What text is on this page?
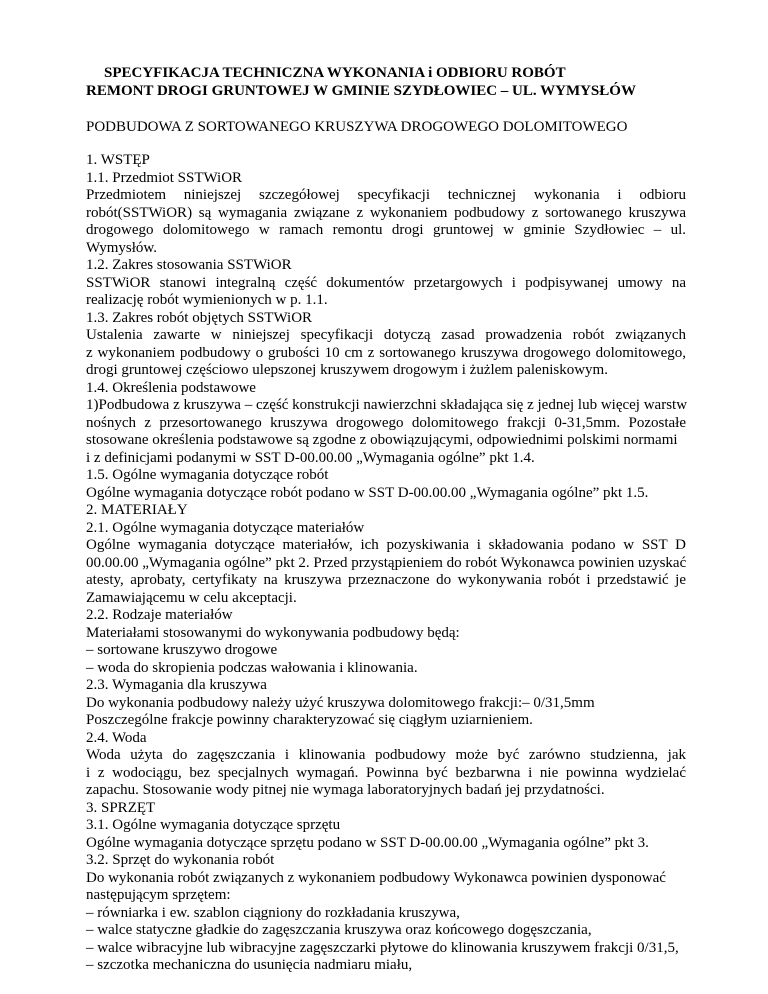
SPECYFIKACJA TECHNICZNA WYKONANIA i ODBIORU ROBÓT

REMONT DROGI GRUNTOWEJ W GMINIE SZYDŁOWIEC – UL. WYMYSŁÓW

PODBUDOWA Z SORTOWANEGO KRUSZYWA DROGOWEGO DOLOMITOWEGO

1. WSTĘP
1.1. Przedmiot SSTWiOR
Przedmiotem niniejszej szczegółowej specyfikacji technicznej wykonania i odbioru
robót(SSTWiOR) są wymagania związane z wykonaniem podbudowy z sortowanego kruszywa
drogowego dolomitowego w ramach remontu drogi gruntowej w gminie Szydłowiec – ul.
Wymysłów.
1.2. Zakres stosowania SSTWiOR
SSTWiOR stanowi integralną część dokumentów przetargowych i podpisywanej umowy na
realizację robót wymienionych w p. 1.1.
1.3. Zakres robót objętych SSTWiOR
Ustalenia zawarte w niniejszej specyfikacji dotyczą zasad prowadzenia robót związanych
z wykonaniem podbudowy o grubości 10 cm z sortowanego kruszywa drogowego dolomitowego,
drogi gruntowej częściowo ulepszonej kruszywem drogowym i żużlem paleniskowym.
1.4. Określenia podstawowe
1)Podbudowa z kruszywa – część konstrukcji nawierzchni składająca się z jednej lub więcej warstw
nośnych z przesortowanego kruszywa drogowego dolomitowego frakcji 0-31,5mm. Pozostałe
stosowane określenia podstawowe są zgodne z obowiązującymi, odpowiednimi polskimi normami
i z definicjami podanymi w SST D-00.00.00 „Wymagania ogólne” pkt 1.4.
1.5. Ogólne wymagania dotyczące robót
Ogólne wymagania dotyczące robót podano w SST D-00.00.00 „Wymagania ogólne” pkt 1.5.
2. MATERIAŁY
2.1. Ogólne wymagania dotyczące materiałów
Ogólne wymagania dotyczące materiałów, ich pozyskiwania i składowania podano w SST D
00.00.00 „Wymagania ogólne” pkt 2. Przed przystąpieniem do robót Wykonawca powinien uzyskać
atesty, aprobaty, certyfikaty na kruszywa przeznaczone do wykonywania robót i przedstawić je
Zamawiającemu w celu akceptacji.
2.2. Rodzaje materiałów
Materiałami stosowanymi do wykonywania podbudowy będą:
– sortowane kruszywo drogowe
– woda do skropienia podczas wałowania i klinowania.
2.3. Wymagania dla kruszywa
Do wykonania podbudowy należy użyć kruszywa dolomitowego frakcji:– 0/31,5mm
Poszczególne frakcje powinny charakteryzować się ciągłym uziarnieniem.
2.4. Woda
Woda użyta do zagęszczania i klinowania podbudowy może być zarówno studzienna, jak
i z wodociągu, bez specjalnych wymagań. Powinna być bezbarwna i nie powinna wydzielać
zapachu. Stosowanie wody pitnej nie wymaga laboratoryjnych badań jej przydatności.
3. SPRZĘT
3.1. Ogólne wymagania dotyczące sprzętu
Ogólne wymagania dotyczące sprzętu podano w SST D-00.00.00 „Wymagania ogólne” pkt 3.
3.2. Sprzęt do wykonania robót
Do wykonania robót związanych z wykonaniem podbudowy Wykonawca powinien dysponować
następującym sprzętem:
– równiarka i ew. szablon ciągniony do rozkładania kruszywa,
– walce statyczne gładkie do zagęszczania kruszywa oraz końcowego dogęszczania,
– walce wibracyjne lub wibracyjne zagęszczarki płytowe do klinowania kruszywem frakcji 0/31,5,
– szczotka mechaniczna do usunięcia nadmiaru miału,
